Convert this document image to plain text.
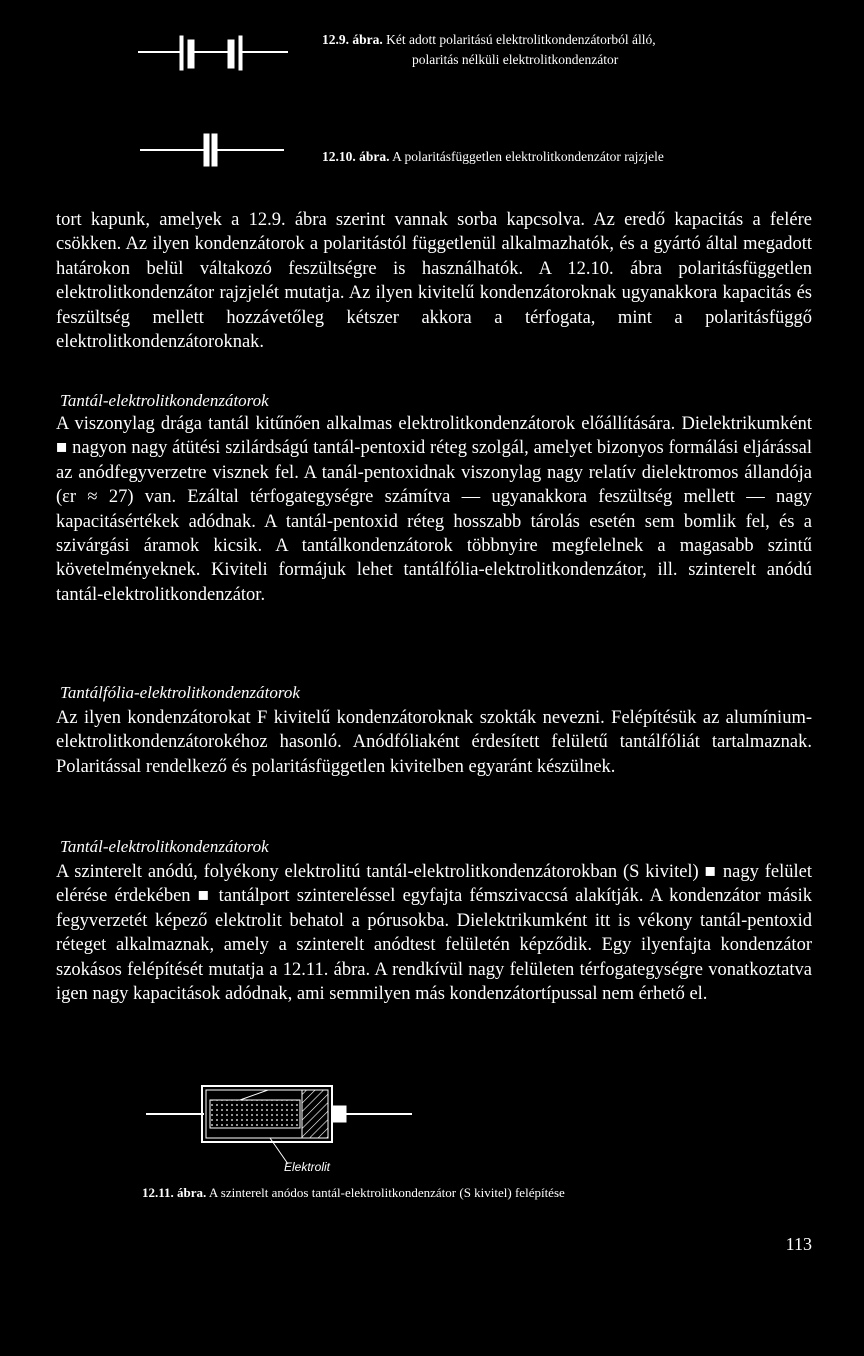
12.9. ábra. Két adott polaritású elektrolitkondenzátorból álló,
polaritás nélküli elektrolitkondenzátor
12.10. ábra. A polaritásfüggetlen elektrolitkondenzátor rajzjele

tort kapunk, amelyek a 12.9. ábra szerint vannak sorba kapcsolva. Az eredő kapacitás a felére csökken. Az ilyen kondenzátorok a polaritástól függetlenül alkalmazhatók, és a gyártó által megadott határokon belül váltakozó feszültségre is használhatók. A 12.10. ábra polaritásfüggetlen elektrolitkondenzátor rajzjelét mutatja. Az ilyen kivitelű kondenzátoroknak ugyanakkora kapacitás és feszültség mellett hozzávetőleg kétszer akkora a térfogata, mint a polaritásfüggő elektrolitkondenzátoroknak.

Tantál-elektrolitkondenzátorok

A viszonylag drága tantál kitűnően alkalmas elektrolitkondenzátorok előállítására. Dielektrikumként ■ nagyon nagy átütési szilárdságú tantál-pentoxid réteg szolgál, amelyet bizonyos formálási eljárással az anódfegyverzetre visznek fel. A tanál-pentoxidnak viszonylag nagy relatív dielektromos állandója (εr ≈ 27) van. Ezáltal térfogategységre számítva — ugyanakkora feszültség mellett — nagy kapacitásértékek adódnak. A tantál-pentoxid réteg hosszabb tárolás esetén sem bomlik fel, és a szivárgási áramok kicsik. A tantálkondenzátorok többnyire megfelelnek a magasabb szintű követelményeknek. Kiviteli formájuk lehet tantálfólia-elektrolitkondenzátor, ill. szinterelt anódú tantál-elektrolitkondenzátor.

Tantálfólia-elektrolitkondenzátorok

Az ilyen kondenzátorokat F kivitelű kondenzátoroknak szokták nevezni. Felépítésük az alumínium-elektrolitkondenzátorokéhoz hasonló. Anódfóliaként érdesített felületű tantálfóliát tartalmaznak. Polaritással rendelkező és polaritásfüggetlen kivitelben egyaránt készülnek.

Tantál-elektrolitkondenzátorok

A szinterelt anódú, folyékony elektrolitú tantál-elektrolitkondenzátorokban (S kivitel) ■ nagy felület elérése érdekében ■ tantálport szintereléssel egyfajta fémszivaccsá alakítják. A kondenzátor másik fegyverzetét képező elektrolit behatol a pórusokba. Dielektrikumként itt is vékony tantál-pentoxid réteget alkalmaznak, amely a szinterelt anódtest felületén képződik. Egy ilyenfajta kondenzátor szokásos felépítését mutatja a 12.11. ábra. A rendkívül nagy felületen térfogategységre vonatkoztatva igen nagy kapacitások adódnak, ami semmilyen más kondenzátortípussal nem érhető el.

Elektrolit
12.11. ábra. A szinterelt anódos tantál-elektrolitkondenzátor (S kivitel) felépítése
113
